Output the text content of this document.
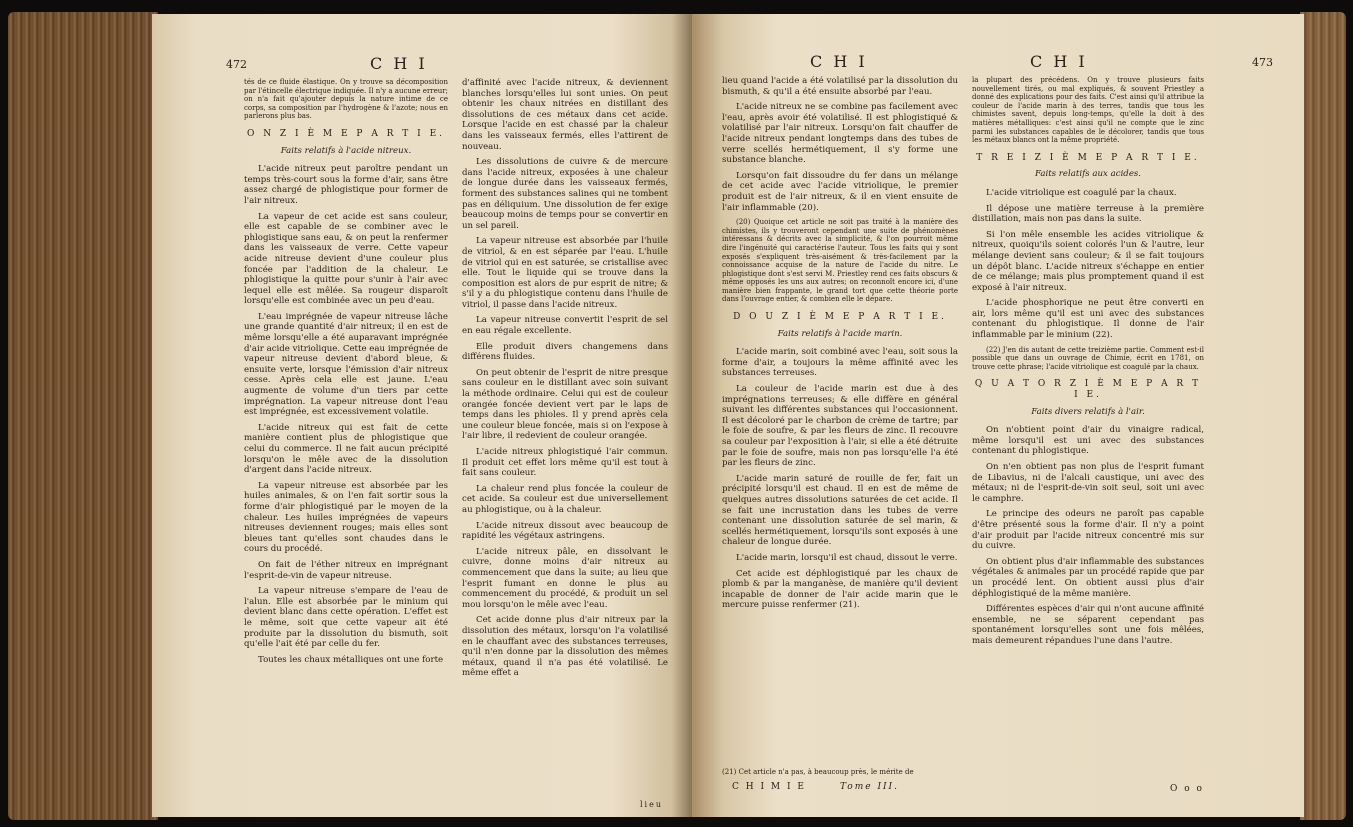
472	C H I

tés de ce fluide élastique. On y trouve sa décomposition par l'étincelle électrique indiquée. Il n'y a aucune erreur; on n'a fait qu'ajouter depuis la nature intime de ce corps, sa composition par l'hydrogène & l'azote; nous en parlerons plus bas.

O N Z I È M E P A R T I E.

Faits relatifs à l'acide nitreux.

L'acide nitreux peut paroître pendant un temps très-court sous la forme d'air, sans être assez chargé de phlogistique pour former de l'air nitreux.

La vapeur de cet acide est sans couleur, elle est capable de se combiner avec le phlogistique sans eau, & on peut la renfermer dans les vaisseaux de verre. Cette vapeur acide nitreuse devient d'une couleur plus foncée par l'addition de la chaleur. Le phlogistique la quitte pour s'unir à l'air avec lequel elle est mêlée. Sa rougeur disparoît lorsqu'elle est combinée avec un peu d'eau.

L'eau imprégnée de vapeur nitreuse lâche une grande quantité d'air nitreux; il en est de même lorsqu'elle a été auparavant imprégnée d'air acide vitriolique. Cette eau imprégnée de vapeur nitreuse devient d'abord bleue, & ensuite verte, lorsque l'émission d'air nitreux cesse. Après cela elle est jaune. L'eau augmente de volume d'un tiers par cette imprégnation. La vapeur nitreuse dont l'eau est imprégnée, est excessivement volatile.

L'acide nitreux qui est fait de cette manière contient plus de phlogistique que celui du commerce. Il ne fait aucun précipité lorsqu'on le mêle avec de la dissolution d'argent dans l'acide nitreux.

La vapeur nitreuse est absorbée par les huiles animales, & on l'en fait sortir sous la forme d'air phlogistiqué par le moyen de la chaleur. Les huiles imprégnées de vapeurs nitreuses deviennent rouges; mais elles sont bleues tant qu'elles sont chaudes dans le cours du procédé.

On fait de l'éther nitreux en imprégnant l'esprit-de-vin de vapeur nitreuse.

La vapeur nitreuse s'empare de l'eau de l'alun. Elle est absorbée par le minium qui devient blanc dans cette opération. L'effet est le même, soit que cette vapeur ait été produite par la dissolution du bismuth, soit qu'elle l'ait été par celle du fer.

Toutes les chaux métalliques ont une forte

d'affinité avec l'acide nitreux, & deviennent blanches lorsqu'elles lui sont unies. On peut obtenir les chaux nitrées en distillant des dissolutions de ces métaux dans cet acide. Lorsque l'acide en est chassé par la chaleur dans les vaisseaux fermés, elles l'attirent de nouveau.

Les dissolutions de cuivre & de mercure dans l'acide nitreux, exposées à une chaleur de longue durée dans les vaisseaux fermés, forment des substances salines qui ne tombent pas en déliquium. Une dissolution de fer exige beaucoup moins de temps pour se convertir en un sel pareil.

La vapeur nitreuse est absorbée par l'huile de vitriol, & en est séparée par l'eau. L'huile de vitriol qui en est saturée, se cristallise avec elle. Tout le liquide qui se trouve dans la composition est alors de pur esprit de nitre; & s'il y a du phlogistique contenu dans l'huile de vitriol, il passe dans l'acide nitreux.

La vapeur nitreuse convertit l'esprit de sel en eau régale excellente.

Elle produit divers changemens dans différens fluides.

On peut obtenir de l'esprit de nitre presque sans couleur en le distillant avec soin suivant la méthode ordinaire. Celui qui est de couleur orangée foncée devient vert par le laps de temps dans les phioles. Il y prend après cela une couleur bleue foncée, mais si on l'expose à l'air libre, il redevient de couleur orangée.

L'acide nitreux phlogistiqué l'air commun. Il produit cet effet lors même qu'il est tout à fait sans couleur.

La chaleur rend plus foncée la couleur de cet acide. Sa couleur est due universellement au phlogistique, ou à la chaleur.

L'acide nitreux dissout avec beaucoup de rapidité les végétaux astringens.

L'acide nitreux pâle, en dissolvant le cuivre, donne moins d'air nitreux au commencement que dans la suite; au lieu que l'esprit fumant en donne le plus au commencement du procédé, & produit un sel mou lorsqu'on le mêle avec l'eau.

Cet acide donne plus d'air nitreux par la dissolution des métaux, lorsqu'on l'a volatilisé en le chauffant avec des substances terreuses, qu'il n'en donne par la dissolution des mêmes métaux, quand il n'a pas été volatilisé. Le même effet a

lieu
C H I	C H I	473

lieu quand l'acide a été volatilisé par la dissolution du bismuth, & qu'il a été ensuite absorbé par l'eau.

L'acide nitreux ne se combine pas facilement avec l'eau, après avoir été volatilisé. Il est phlogistiqué & volatilisé par l'air nitreux. Lorsqu'on fait chauffer de l'acide nitreux pendant longtemps dans des tubes de verre scellés hermétiquement, il s'y forme une substance blanche.

Lorsqu'on fait dissoudre du fer dans un mélange de cet acide avec l'acide vitriolique, le premier produit est de l'air nitreux, & il en vient ensuite de l'air inflammable (20).

(20) Quoique cet article ne soit pas traité à la manière des chimistes, ils y trouveront cependant une suite de phénomènes intéressans & décrits avec la simplicité, & l'on pourroit même dire l'ingénuité qui caractérise l'auteur. Tous les faits qui y sont exposés s'expliquent très-aisément & très-facilement par la connoissance acquise de la nature de l'acide du nitre. Le phlogistique dont s'est servi M. Priestley rend ces faits obscurs & même opposés les uns aux autres; on reconnoît encore ici, d'une manière bien frappante, le grand tort que cette théorie porte dans l'ouvrage entier, & combien elle le dépare.

D O U Z I È M E P A R T I E.

Faits relatifs à l'acide marin.

L'acide marin, soit combiné avec l'eau, soit sous la forme d'air, a toujours la même affinité avec les substances terreuses.

La couleur de l'acide marin est due à des imprégnations terreuses; & elle diffère en général suivant les différentes substances qui l'occasionnent. Il est décoloré par le charbon de crème de tartre; par le foie de soufre, & par les fleurs de zinc. Il recouvre sa couleur par l'exposition à l'air, si elle a été détruite par le foie de soufre, mais non pas lorsqu'elle l'a été par les fleurs de zinc.

L'acide marin saturé de rouille de fer, fait un précipité lorsqu'il est chaud. Il en est de même de quelques autres dissolutions saturées de cet acide. Il se fait une incrustation dans les tubes de verre contenant une dissolution saturée de sel marin, & scellés hermétiquement, lorsqu'ils sont exposés à une chaleur de longue durée.

L'acide marin, lorsqu'il est chaud, dissout le verre.

Cet acide est déphlogistiqué par les chaux de plomb & par la manganèse, de manière qu'il devient incapable de donner de l'air acide marin que le mercure puisse renfermer (21).

(21) Cet article n'a pas, à beaucoup près, le mérite de

C H I M I E	Tome III.

la plupart des précédens. On y trouve plusieurs faits nouvellement tirés, ou mal expliqués, & souvent Priestley a donné des explications pour des faits. C'est ainsi qu'il attribue la couleur de l'acide marin à des terres, tandis que tous les chimistes savent, depuis long-temps, qu'elle la doit à des matières métalliques: c'est ainsi qu'il ne compte que le zinc parmi les substances capables de le décolorer, tandis que tous les métaux blancs ont la même propriété.

T R E I Z I È M E P A R T I E.

Faits relatifs aux acides.

L'acide vitriolique est coagulé par la chaux.

Il dépose une matière terreuse à la première distillation, mais non pas dans la suite.

Si l'on mêle ensemble les acides vitriolique & nitreux, quoiqu'ils soient colorés l'un & l'autre, leur mélange devient sans couleur; & il se fait toujours un dépôt blanc. L'acide nitreux s'échappe en entier de ce mélange; mais plus promptement quand il est exposé à l'air nitreux.

L'acide phosphorique ne peut être converti en air, lors même qu'il est uni avec des substances contenant du phlogistique. Il donne de l'air inflammable par le minium (22).

(22) J'en dis autant de cette treizième partie. Comment est-il possible que dans un ouvrage de Chimie, écrit en 1781, on trouve cette phrase; l'acide vitriolique est coagulé par la chaux.

Q U A T O R Z I È M E P A R T I E.

Faits divers relatifs à l'air.

On n'obtient point d'air du vinaigre radical, même lorsqu'il est uni avec des substances contenant du phlogistique.

On n'en obtient pas non plus de l'esprit fumant de Libavius, ni de l'alcali caustique, uni avec des métaux; ni de l'esprit-de-vin soit seul, soit uni avec le camphre.

Le principe des odeurs ne paroît pas capable d'être présenté sous la forme d'air. Il n'y a point d'air produit par l'acide nitreux concentré mis sur du cuivre.

On obtient plus d'air inflammable des substances végétales & animales par un procédé rapide que par un procédé lent. On obtient aussi plus d'air déphlogistiqué de la même manière.

Différentes espèces d'air qui n'ont aucune affinité ensemble, ne se séparent cependant pas spontanément lorsqu'elles sont une fois mêlées, mais demeurent répandues l'une dans l'autre.

O o o
